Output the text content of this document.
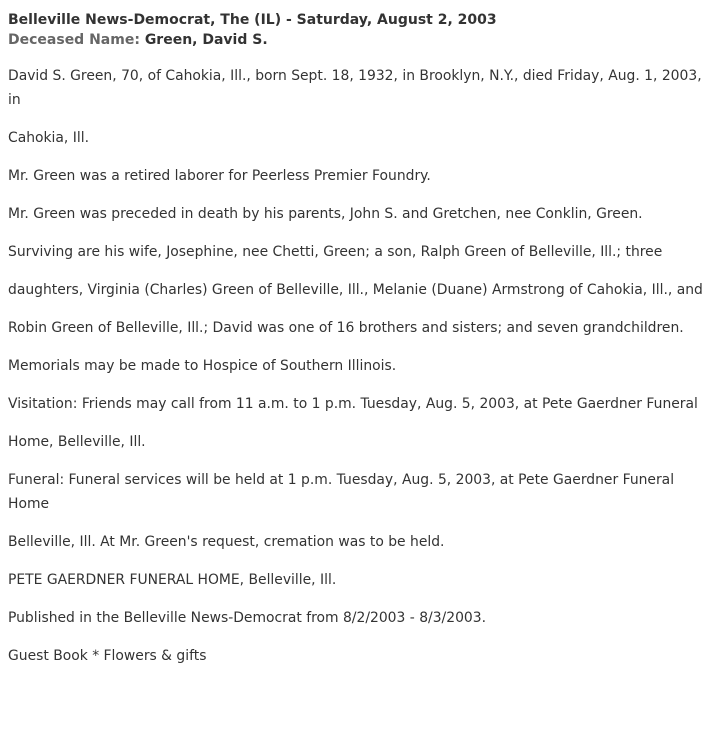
Belleville News-Democrat, The (IL) - Saturday, August 2, 2003
Deceased Name: Green, David S.

David S. Green, 70, of Cahokia, Ill., born Sept. 18, 1932, in Brooklyn, N.Y., died Friday, Aug. 1, 2003, in

Cahokia, Ill.

Mr. Green was a retired laborer for Peerless Premier Foundry.

Mr. Green was preceded in death by his parents, John S. and Gretchen, nee Conklin, Green.

Surviving are his wife, Josephine, nee Chetti, Green; a son, Ralph Green of Belleville, Ill.; three

daughters, Virginia (Charles) Green of Belleville, Ill., Melanie (Duane) Armstrong of Cahokia, Ill., and

Robin Green of Belleville, Ill.; David was one of 16 brothers and sisters; and seven grandchildren.

Memorials may be made to Hospice of Southern Illinois.

Visitation: Friends may call from 11 a.m. to 1 p.m. Tuesday, Aug. 5, 2003, at Pete Gaerdner Funeral

Home, Belleville, Ill.

Funeral: Funeral services will be held at 1 p.m. Tuesday, Aug. 5, 2003, at Pete Gaerdner Funeral Home

Belleville, Ill. At Mr. Green's request, cremation was to be held.

PETE GAERDNER FUNERAL HOME, Belleville, Ill.

Published in the Belleville News-Democrat from 8/2/2003 - 8/3/2003.

Guest Book * Flowers & gifts
